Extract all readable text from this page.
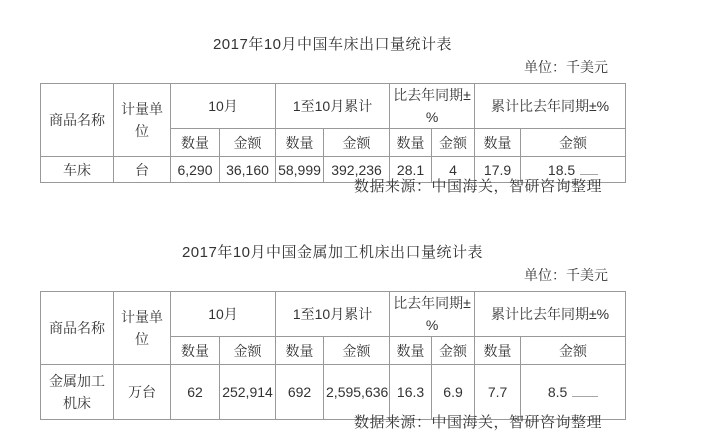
2017年10月中国车床出口量统计表
单位：千美元
商品名称	计量单位	10月		1至10月累计		比去年同期±%		累计比去年同期±%	
		数量	金额	数量	金额	数量	金额	数量	金额
车床	台	6,290	36,160	58,999	392,236	28.1	4	17.9	18.5
数据来源：中国海关，智研咨询整理
2017年10月中国金属加工机床出口量统计表
单位：千美元
商品名称	计量单位	10月		1至10月累计		比去年同期±%		累计比去年同期±%	
		数量	金额	数量	金额	数量	金额	数量	金额
金属加工机床	万台	62	252,914	692	2,595,636	16.3	6.9	7.7	8.5
数据来源：中国海关，智研咨询整理
